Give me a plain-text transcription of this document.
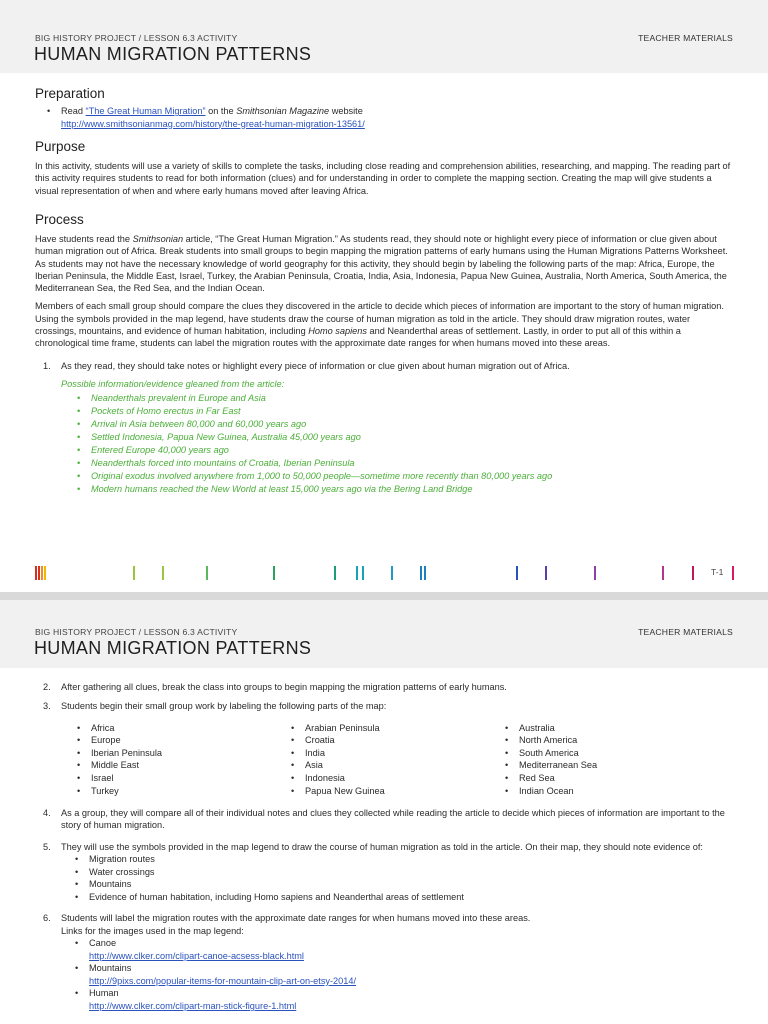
BIG HISTORY PROJECT / LESSON 6.3 ACTIVITY	TEACHER MATERIALS
HUMAN MIGRATION PATTERNS
Preparation
• Read “The Great Human Migration” on the Smithsonian Magazine website
http://www.smithsonianmag.com/history/the-great-human-migration-13561/
Purpose

In this activity, students will use a variety of skills to complete the tasks, including close reading and comprehension abilities, researching, and mapping. The reading part of this activity requires students to read for both information (clues) and for understanding in order to complete the mapping section. Creating the map will give students a visual representation of when and where early humans moved after leaving Africa.

Process

Have students read the Smithsonian article, “The Great Human Migration.” As students read, they should note or highlight every piece of information or clue given about human migration out of Africa. Break students into small groups to begin mapping the migration patterns of early humans using the Human Migrations Patterns Worksheet. As students may not have the necessary knowledge of world geography for this activity, they should begin by labeling the following parts of the map: Africa, Europe, the Iberian Peninsula, the Middle East, Israel, Turkey, the Arabian Peninsula, Croatia, India, Asia, Indonesia, Papua New Guinea, Australia, North America, South America, the Mediterranean Sea, the Red Sea, and the Indian Ocean.

Members of each small group should compare the clues they discovered in the article to decide which pieces of information are important to the story of human migration. Using the symbols provided in the map legend, have students draw the course of human migration as told in the article. They should draw migration routes, water crossings, mountains, and evidence of human habitation, including Homo sapiens and Neanderthal areas of settlement. Lastly, in order to put all of this within a chronological time frame, students can label the migration routes with the approximate date ranges for when humans moved into these areas.

1. As they read, they should take notes or highlight every piece of information or clue given about human migration out of Africa.
Possible information/evidence gleaned from the article:
• Neanderthals prevalent in Europe and Asia
• Pockets of Homo erectus in Far East
• Arrival in Asia between 80,000 and 60,000 years ago
• Settled Indonesia, Papua New Guinea, Australia 45,000 years ago
• Entered Europe 40,000 years ago
• Neanderthals forced into mountains of Croatia, Iberian Peninsula
• Original exodus involved anywhere from 1,000 to 50,000 people—sometime more recently than 80,000 years ago
• Modern humans reached the New World at least 15,000 years ago via the Bering Land Bridge
T-1
BIG HISTORY PROJECT / LESSON 6.3 ACTIVITY	TEACHER MATERIALS
HUMAN MIGRATION PATTERNS
2. After gathering all clues, break the class into groups to begin mapping the migration patterns of early humans.
3. Students begin their small group work by labeling the following parts of the map:
• Africa
• Europe
• Iberian Peninsula
• Middle East
• Israel
• Turkey
• Arabian Peninsula
• Croatia
• India
• Asia
• Indonesia
• Papua New Guinea
• Australia
• North America
• South America
• Mediterranean Sea
• Red Sea
• Indian Ocean
4. As a group, they will compare all of their individual notes and clues they collected while reading the article to decide which pieces of information are important to the story of human migration.
5. They will use the symbols provided in the map legend to draw the course of human migration as told in the article. On their map, they should note evidence of:
• Migration routes
• Water crossings
• Mountains
• Evidence of human habitation, including Homo sapiens and Neanderthal areas of settlement
6. Students will label the migration routes with the approximate date ranges for when humans moved into these areas.
Links for the images used in the map legend:
• Canoe
http://www.clker.com/clipart-canoe-acsess-black.html
• Mountains
http://9pixs.com/popular-items-for-mountain-clip-art-on-etsy-2014/
• Human
http://www.clker.com/clipart-man-stick-figure-1.html
